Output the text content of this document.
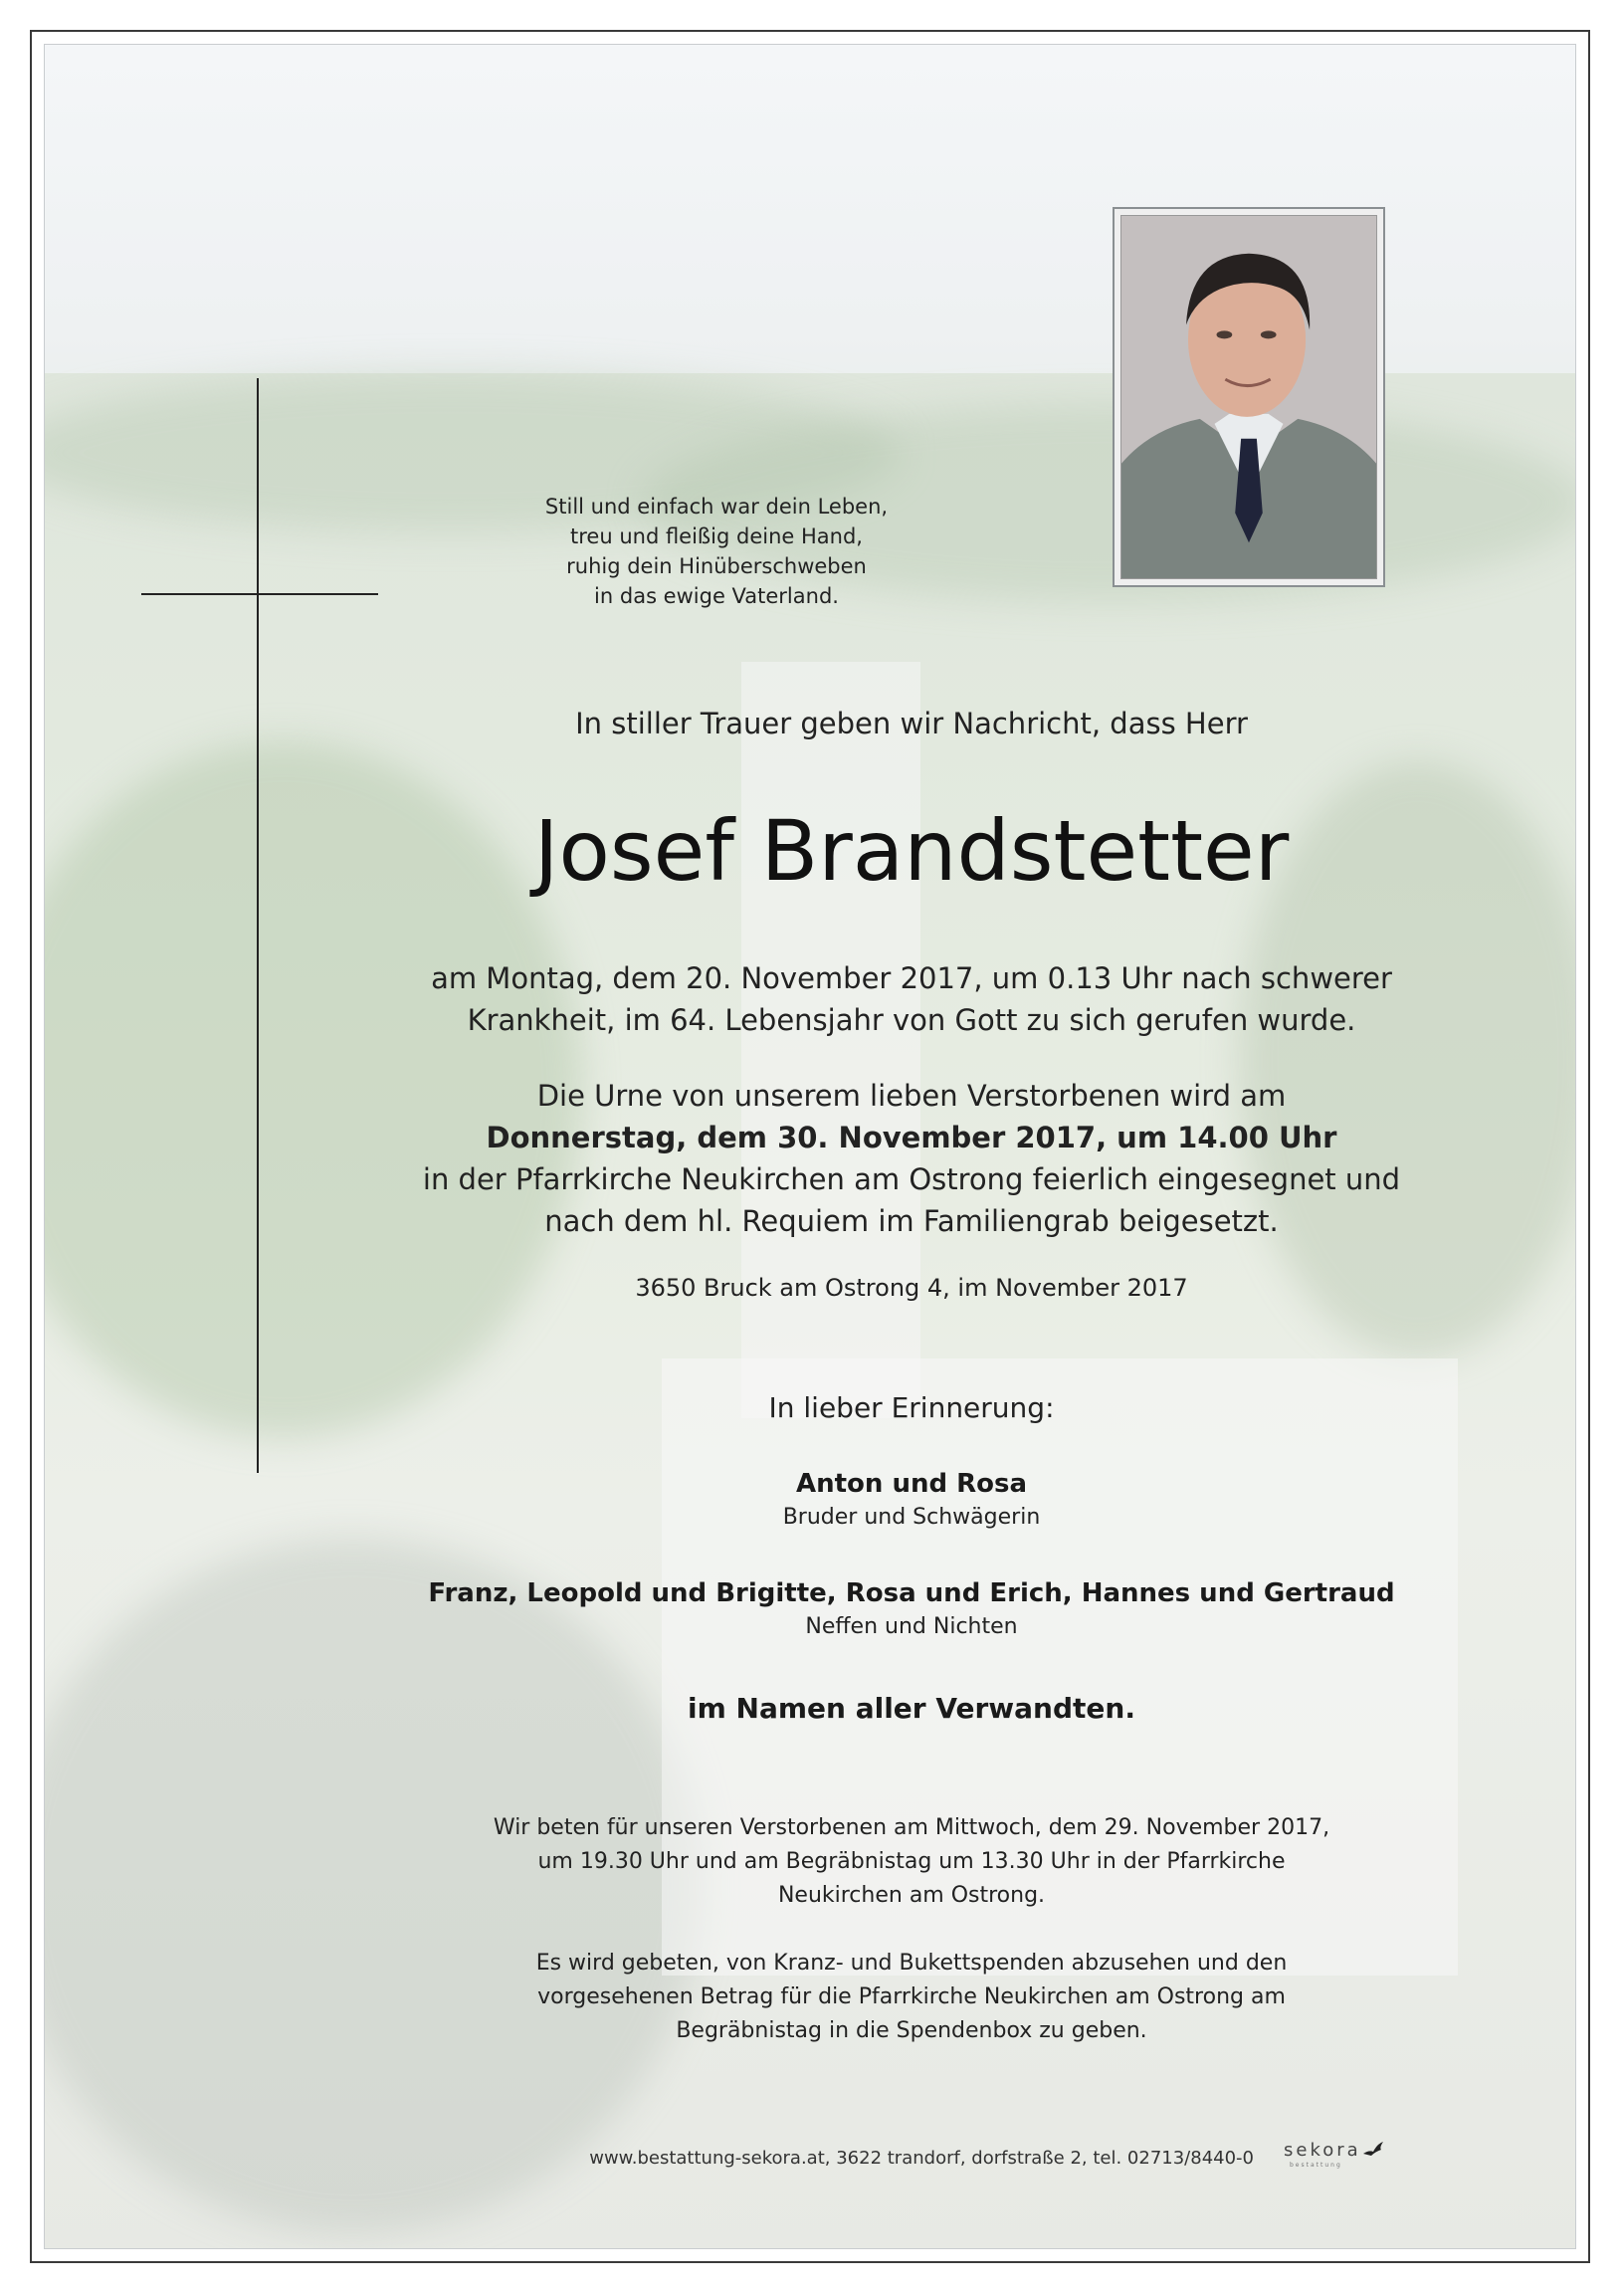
Still und einfach war dein Leben,
treu und fleißig deine Hand,
ruhig dein Hinüberschweben
in das ewige Vaterland.
In stiller Trauer geben wir Nachricht, dass Herr
Josef Brandstetter
am Montag, dem 20. November 2017, um 0.13 Uhr nach schwerer
Krankheit, im 64. Lebensjahr von Gott zu sich gerufen wurde.
Die Urne von unserem lieben Verstorbenen wird am
Donnerstag, dem 30. November 2017, um 14.00 Uhr
in der Pfarrkirche Neukirchen am Ostrong feierlich eingesegnet und
nach dem hl. Requiem im Familiengrab beigesetzt.
3650 Bruck am Ostrong 4, im November 2017
In lieber Erinnerung:
Anton und Rosa
Bruder und Schwägerin
Franz, Leopold und Brigitte, Rosa und Erich, Hannes und Gertraud
Neffen und Nichten
im Namen aller Verwandten.
Wir beten für unseren Verstorbenen am Mittwoch, dem 29. November 2017,
um 19.30 Uhr und am Begräbnistag um 13.30 Uhr in der Pfarrkirche
Neukirchen am Ostrong.
Es wird gebeten, von Kranz- und Bukettspenden abzusehen und den
vorgesehenen Betrag für die Pfarrkirche Neukirchen am Ostrong am
Begräbnistag in die Spendenbox zu geben.
www.bestattung-sekora.at, 3622 trandorf, dorfstraße 2, tel. 02713/8440-0 sekora
bestattung
